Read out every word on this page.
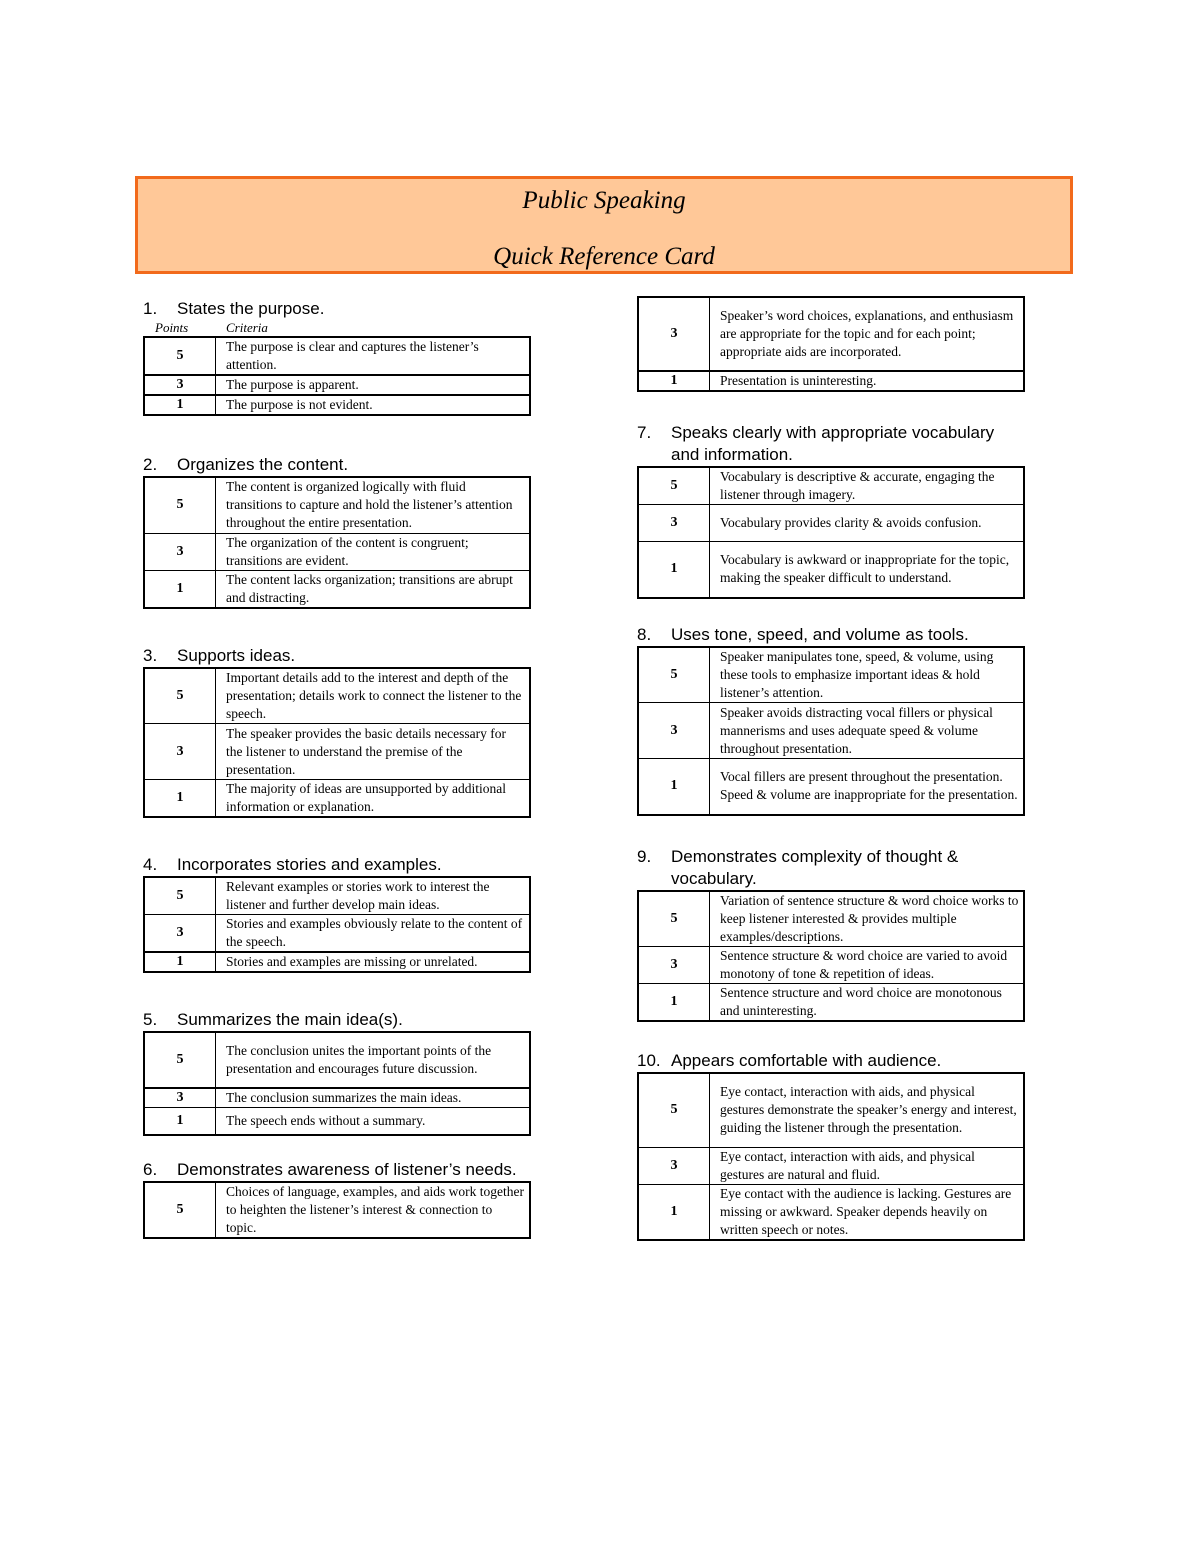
Public Speaking
Quick Reference Card
1.	States the purpose.
Points	Criteria
5	The purpose is clear and captures the listener’s attention.
3	The purpose is apparent.
1	The purpose is not evident.
2.	Organizes the content.
5	The content is organized logically with fluid transitions to capture and hold the listener’s attention throughout the entire presentation.
3	The organization of the content is congruent; transitions are evident.
1	The content lacks organization; transitions are abrupt and distracting.
3.	Supports ideas.
5	Important details add to the interest and depth of the presentation; details work to connect the listener to the speech.
3	The speaker provides the basic details necessary for the listener to understand the premise of the presentation.
1	The majority of ideas are unsupported by additional information or explanation.
4.	Incorporates stories and examples.
5	Relevant examples or stories work to interest the listener and further develop main ideas.
3	Stories and examples obviously relate to the content of the speech.
1	Stories and examples are missing or unrelated.
5.	Summarizes the main idea(s).
5	The conclusion unites the important points of the presentation and encourages future discussion.
3	The conclusion summarizes the main ideas.
1	The speech ends without a summary.
6.	Demonstrates awareness of listener’s needs.
5	Choices of language, examples, and aids work together to heighten the listener’s interest & connection to topic.
3	Speaker’s word choices, explanations, and enthusiasm are appropriate for the topic and for each point; appropriate aids are incorporated.
1	Presentation is uninteresting.
7.	Speaks clearly with appropriate vocabulary and information.
5	Vocabulary is descriptive & accurate, engaging the listener through imagery.
3	Vocabulary provides clarity & avoids confusion.
1	Vocabulary is awkward or inappropriate for the topic, making the speaker difficult to understand.
8.	Uses tone, speed, and volume as tools.
5	Speaker manipulates tone, speed, & volume, using these tools to emphasize important ideas & hold listener’s attention.
3	Speaker avoids distracting vocal fillers or physical mannerisms and uses adequate speed & volume throughout presentation.
1	Vocal fillers are present throughout the presentation. Speed & volume are inappropriate for the presentation.
9.	Demonstrates complexity of thought & vocabulary.
5	Variation of sentence structure & word choice works to keep listener interested & provides multiple examples/descriptions.
3	Sentence structure & word choice are varied to avoid monotony of tone & repetition of ideas.
1	Sentence structure and word choice are monotonous and uninteresting.
10. Appears comfortable with audience.
5	Eye contact, interaction with aids, and physical gestures demonstrate the speaker’s energy and interest, guiding the listener through the presentation.
3	Eye contact, interaction with aids, and physical gestures are natural and fluid.
1	Eye contact with the audience is lacking. Gestures are missing or awkward. Speaker depends heavily on written speech or notes.
